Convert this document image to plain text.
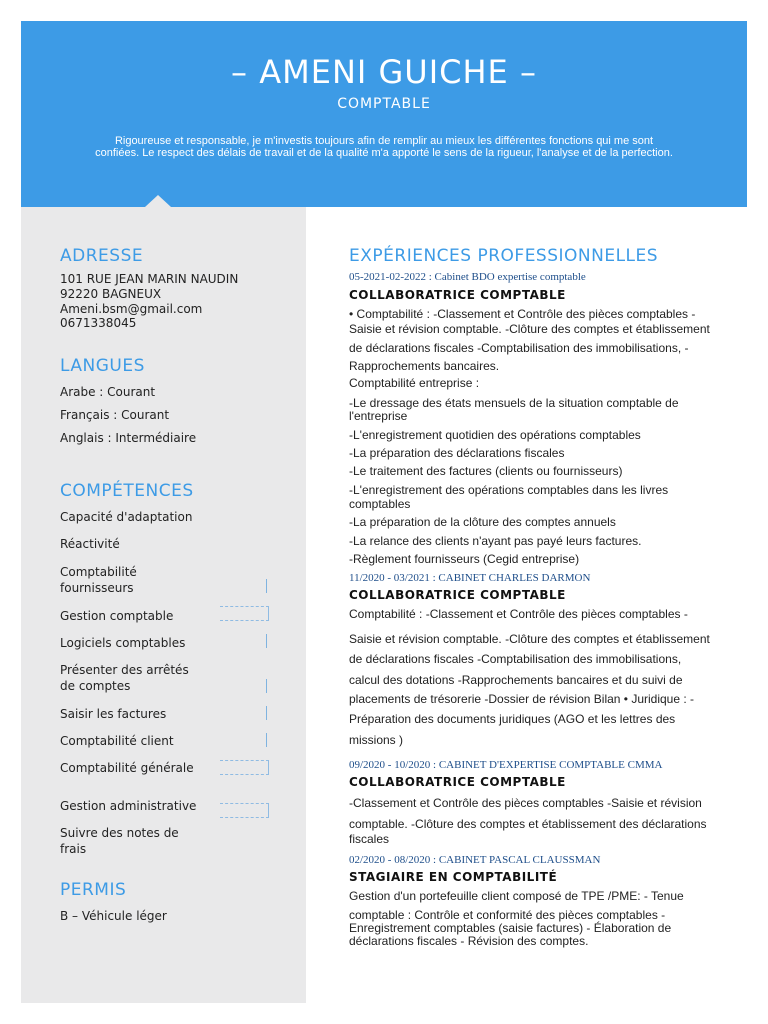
– AMENI GUICHE –
COMPTABLE
Rigoureuse et responsable, je m'investis toujours afin de remplir au mieux les différentes fonctions qui me sont confiées. Le respect des délais de travail et de la qualité m'a apporté le sens de la rigueur, l'analyse et de la perfection.
ADRESSE
101 RUE JEAN MARIN NAUDIN
92220 BAGNEUX
Ameni.bsm@gmail.com
0671338045
LANGUES
Arabe : Courant
Français : Courant
Anglais : Intermédiaire
COMPÉTENCES
Capacité d'adaptation
Réactivité
Comptabilité
fournisseurs
Gestion comptable
Logiciels comptables
Présenter des arrêtés
de comptes
Saisir les factures
Comptabilité client
Comptabilité générale
Gestion administrative
Suivre des notes de
frais
PERMIS
B – Véhicule léger
EXPÉRIENCES PROFESSIONNELLES
05-2021-02-2022 : Cabinet BDO expertise comptable
COLLABORATRICE COMPTABLE
• Comptabilité : -Classement et Contrôle des pièces comptables -
Saisie et révision comptable. -Clôture des comptes et établissement
de déclarations fiscales -Comptabilisation des immobilisations, -
Rapprochements bancaires.
Comptabilité entreprise :
-Le dressage des états mensuels de la situation comptable de
l'entreprise
-L'enregistrement quotidien des opérations comptables
-La préparation des déclarations fiscales
-Le traitement des factures (clients ou fournisseurs)
-L'enregistrement des opérations comptables dans les livres
comptables
-La préparation de la clôture des comptes annuels
-La relance des clients n'ayant pas payé leurs factures.
-Règlement fournisseurs (Cegid entreprise)
11/2020 - 03/2021 : CABINET CHARLES DARMON
COLLABORATRICE COMPTABLE
Comptabilité : -Classement et Contrôle des pièces comptables -
Saisie et révision comptable. -Clôture des comptes et établissement
de déclarations fiscales -Comptabilisation des immobilisations,
calcul des dotations -Rapprochements bancaires et du suivi de
placements de trésorerie -Dossier de révision Bilan • Juridique : -
Préparation des documents juridiques (AGO et les lettres des
missions )
09/2020 - 10/2020 : CABINET D'EXPERTISE COMPTABLE CMMA
COLLABORATRICE COMPTABLE
-Classement et Contrôle des pièces comptables -Saisie et révision
comptable. -Clôture des comptes et établissement des déclarations
fiscales
02/2020 - 08/2020 : CABINET PASCAL CLAUSSMAN
STAGIAIRE EN COMPTABILITÉ
Gestion d'un portefeuille client composé de TPE /PME: - Tenue
comptable : Contrôle et conformité des pièces comptables -
Enregistrement comptables (saisie factures) - Élaboration de
déclarations fiscales - Révision des comptes.
